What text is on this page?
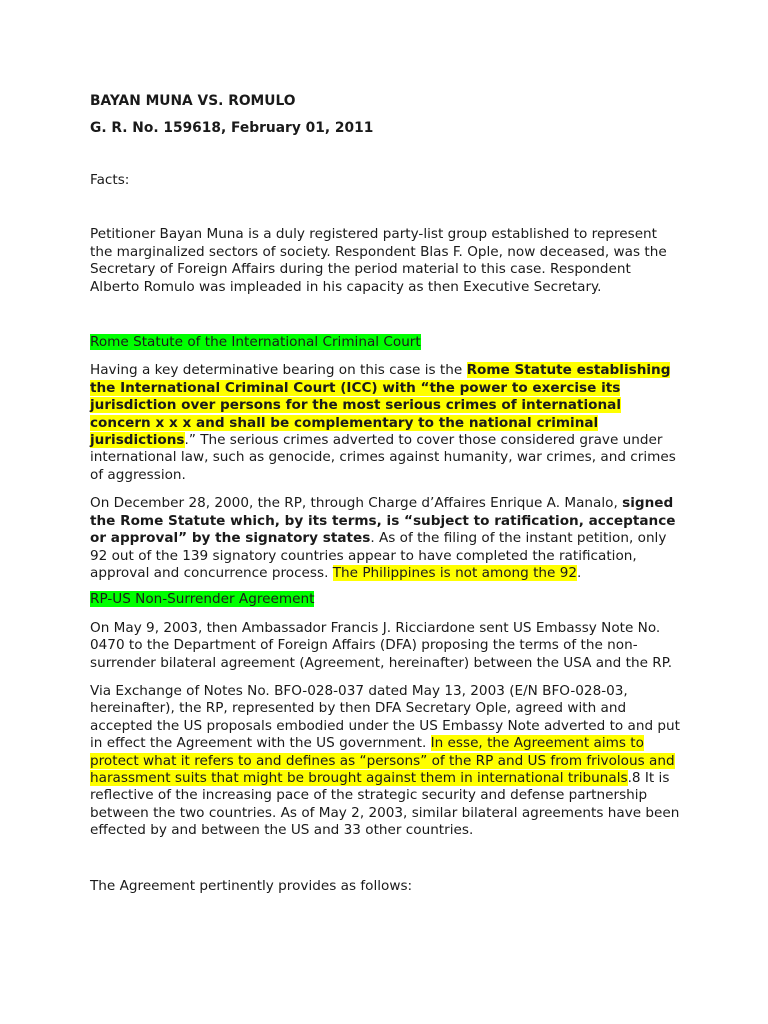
BAYAN MUNA VS. ROMULO

G. R. No. 159618, February 01, 2011

Facts:

Petitioner Bayan Muna is a duly registered party-list group established to represent the marginalized sectors of society. Respondent Blas F. Ople, now deceased, was the Secretary of Foreign Affairs during the period material to this case. Respondent Alberto Romulo was impleaded in his capacity as then Executive Secretary.

Rome Statute of the International Criminal Court

Having a key determinative bearing on this case is the Rome Statute establishing the International Criminal Court (ICC) with “the power to exercise its jurisdiction over persons for the most serious crimes of international concern x x x and shall be complementary to the national criminal jurisdictions.” The serious crimes adverted to cover those considered grave under international law, such as genocide, crimes against humanity, war crimes, and crimes of aggression.

On December 28, 2000, the RP, through Charge d’Affaires Enrique A. Manalo, signed the Rome Statute which, by its terms, is “subject to ratification, acceptance or approval” by the signatory states. As of the filing of the instant petition, only 92 out of the 139 signatory countries appear to have completed the ratification, approval and concurrence process. The Philippines is not among the 92.

RP-US Non-Surrender Agreement

On May 9, 2003, then Ambassador Francis J. Ricciardone sent US Embassy Note No. 0470 to the Department of Foreign Affairs (DFA) proposing the terms of the non-surrender bilateral agreement (Agreement, hereinafter) between the USA and the RP.

Via Exchange of Notes No. BFO-028-037 dated May 13, 2003 (E/N BFO-028-03, hereinafter), the RP, represented by then DFA Secretary Ople, agreed with and accepted the US proposals embodied under the US Embassy Note adverted to and put in effect the Agreement with the US government. In esse, the Agreement aims to protect what it refers to and defines as “persons” of the RP and US from frivolous and harassment suits that might be brought against them in international tribunals.8 It is reflective of the increasing pace of the strategic security and defense partnership between the two countries. As of May 2, 2003, similar bilateral agreements have been effected by and between the US and 33 other countries.

The Agreement pertinently provides as follows:
